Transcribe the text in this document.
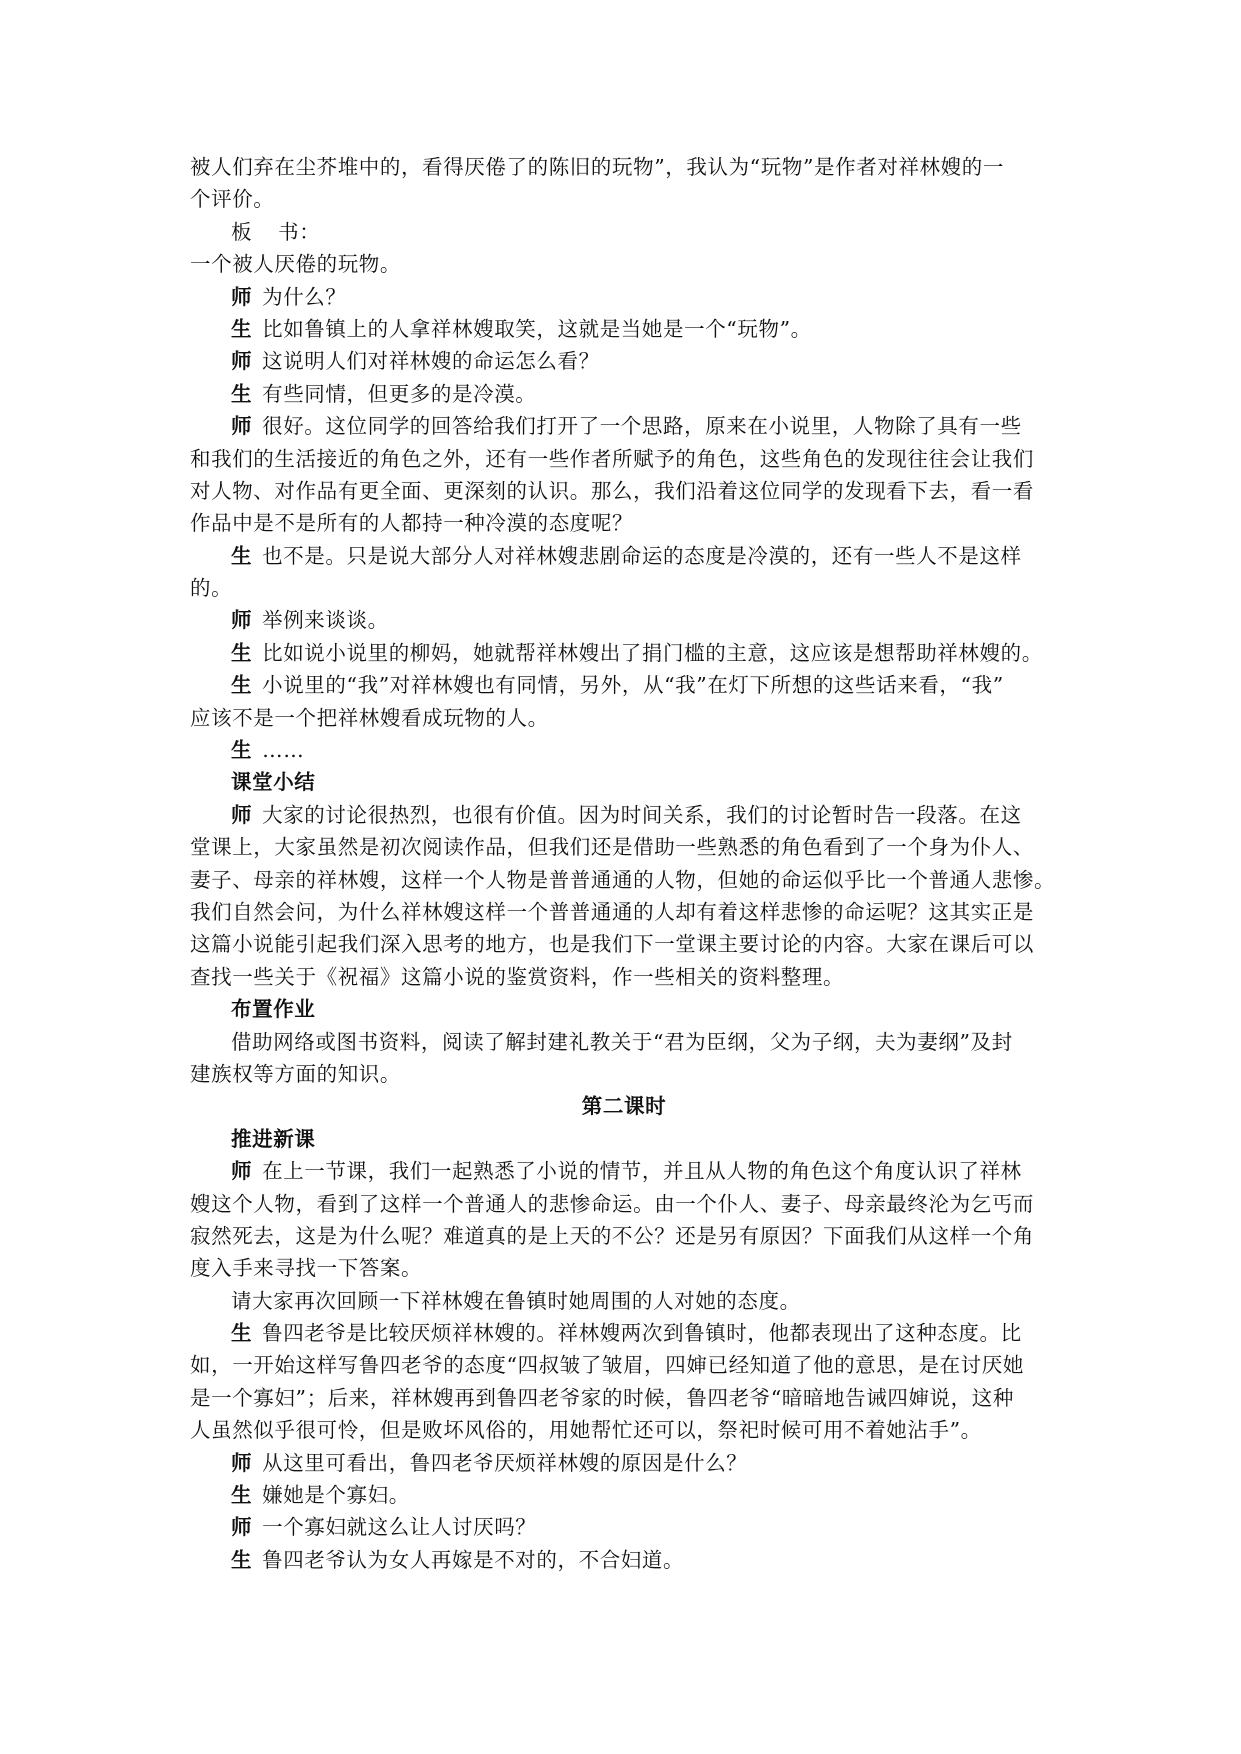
被人们弃在尘芥堆中的，看得厌倦了的陈旧的玩物”，我认为“玩物”是作者对祥林嫂的一
个评价。
板 书：
一个被人厌倦的玩物。
师 为什么？
生 比如鲁镇上的人拿祥林嫂取笑，这就是当她是一个“玩物”。
师 这说明人们对祥林嫂的命运怎么看？
生 有些同情，但更多的是冷漠。
师 很好。这位同学的回答给我们打开了一个思路，原来在小说里，人物除了具有一些
和我们的生活接近的角色之外，还有一些作者所赋予的角色，这些角色的发现往往会让我们
对人物、对作品有更全面、更深刻的认识。那么，我们沿着这位同学的发现看下去，看一看
作品中是不是所有的人都持一种冷漠的态度呢？
生 也不是。只是说大部分人对祥林嫂悲剧命运的态度是冷漠的，还有一些人不是这样
的。
师 举例来谈谈。
生 比如说小说里的柳妈，她就帮祥林嫂出了捐门槛的主意，这应该是想帮助祥林嫂的。
生 小说里的“我”对祥林嫂也有同情，另外，从“我”在灯下所想的这些话来看，“我”
应该不是一个把祥林嫂看成玩物的人。
生 ……
课堂小结
师 大家的讨论很热烈，也很有价值。因为时间关系，我们的讨论暂时告一段落。在这
堂课上，大家虽然是初次阅读作品，但我们还是借助一些熟悉的角色看到了一个身为仆人、
妻子、母亲的祥林嫂，这样一个人物是普普通通的人物，但她的命运似乎比一个普通人悲惨。
我们自然会问，为什么祥林嫂这样一个普普通通的人却有着这样悲惨的命运呢？这其实正是
这篇小说能引起我们深入思考的地方，也是我们下一堂课主要讨论的内容。大家在课后可以
查找一些关于《祝福》这篇小说的鉴赏资料，作一些相关的资料整理。
布置作业
借助网络或图书资料，阅读了解封建礼教关于“君为臣纲，父为子纲，夫为妻纲”及封
建族权等方面的知识。
第二课时
推进新课
师 在上一节课，我们一起熟悉了小说的情节，并且从人物的角色这个角度认识了祥林
嫂这个人物，看到了这样一个普通人的悲惨命运。由一个仆人、妻子、母亲最终沦为乞丐而
寂然死去，这是为什么呢？难道真的是上天的不公？还是另有原因？下面我们从这样一个角
度入手来寻找一下答案。
请大家再次回顾一下祥林嫂在鲁镇时她周围的人对她的态度。
生 鲁四老爷是比较厌烦祥林嫂的。祥林嫂两次到鲁镇时，他都表现出了这种态度。比
如，一开始这样写鲁四老爷的态度“四叔皱了皱眉，四婶已经知道了他的意思，是在讨厌她
是一个寡妇”；后来，祥林嫂再到鲁四老爷家的时候，鲁四老爷“暗暗地告诫四婶说，这种
人虽然似乎很可怜，但是败坏风俗的，用她帮忙还可以，祭祀时候可用不着她沾手”。
师 从这里可看出，鲁四老爷厌烦祥林嫂的原因是什么？
生 嫌她是个寡妇。
师 一个寡妇就这么让人讨厌吗？
生 鲁四老爷认为女人再嫁是不对的，不合妇道。
